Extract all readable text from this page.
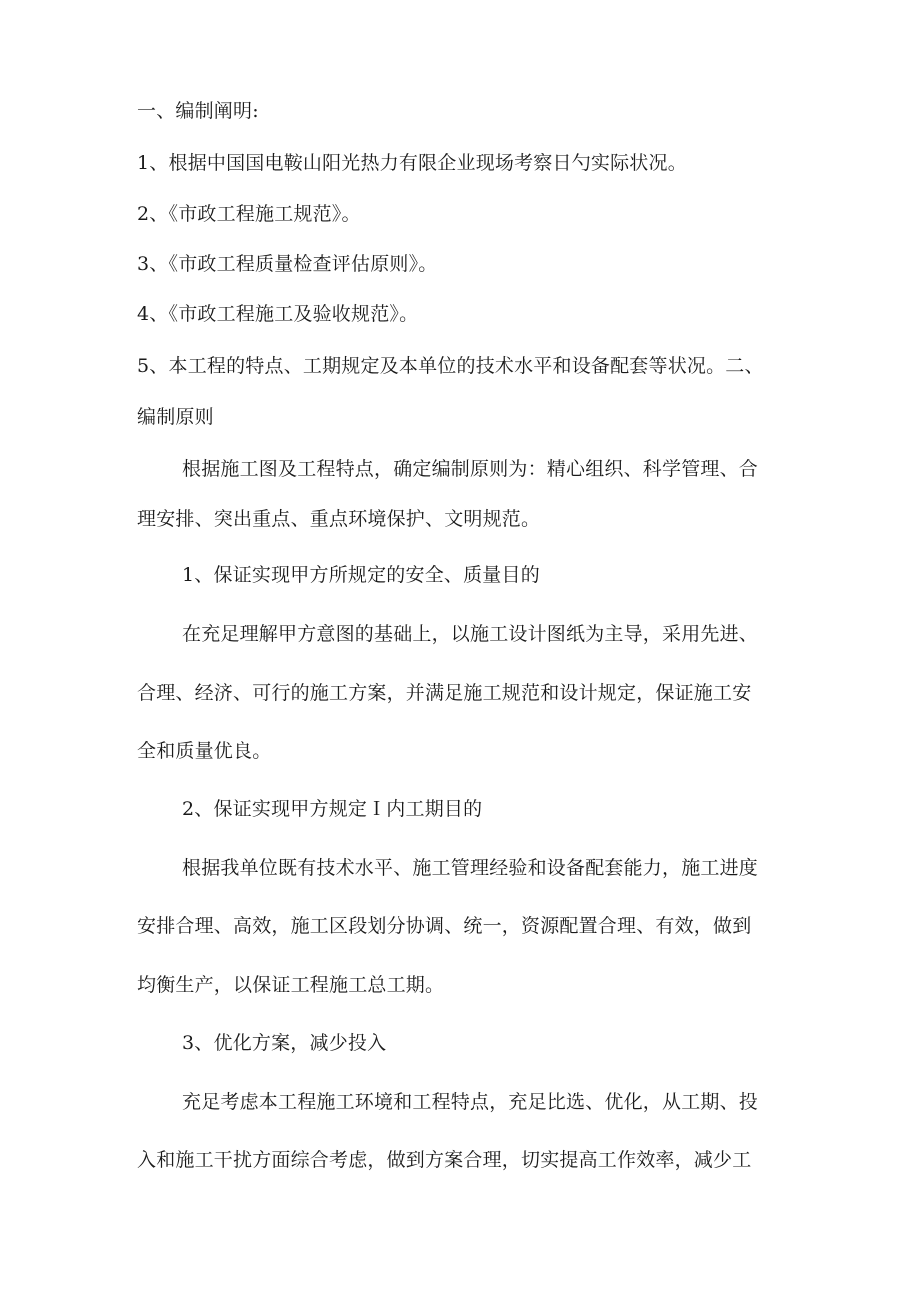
一、编制阐明:
1、根据中国国电鞍山阳光热力有限企业现场考察日勺实际状况。
2、《市政工程施工规范》。
3、《市政工程质量检查评估原则》。
4、《市政工程施工及验收规范》。
5、本工程的特点、工期规定及本单位的技术水平和设备配套等状况。二、
编制原则
根据施工图及工程特点，确定编制原则为：精心组织、科学管理、合
理安排、突出重点、重点环境保护、文明规范。
1、保证实现甲方所规定的安全、质量目的
在充足理解甲方意图的基础上，以施工设计图纸为主导，采用先进、
合理、经济、可行的施工方案，并满足施工规范和设计规定，保证施工安
全和质量优良。
2、保证实现甲方规定Ｉ内工期目的
根据我单位既有技术水平、施工管理经验和设备配套能力，施工进度
安排合理、高效，施工区段划分协调、统一，资源配置合理、有效，做到
均衡生产，以保证工程施工总工期。
3、优化方案，减少投入
充足考虑本工程施工环境和工程特点，充足比选、优化，从工期、投
入和施工干扰方面综合考虑，做到方案合理，切实提高工作效率，减少工
